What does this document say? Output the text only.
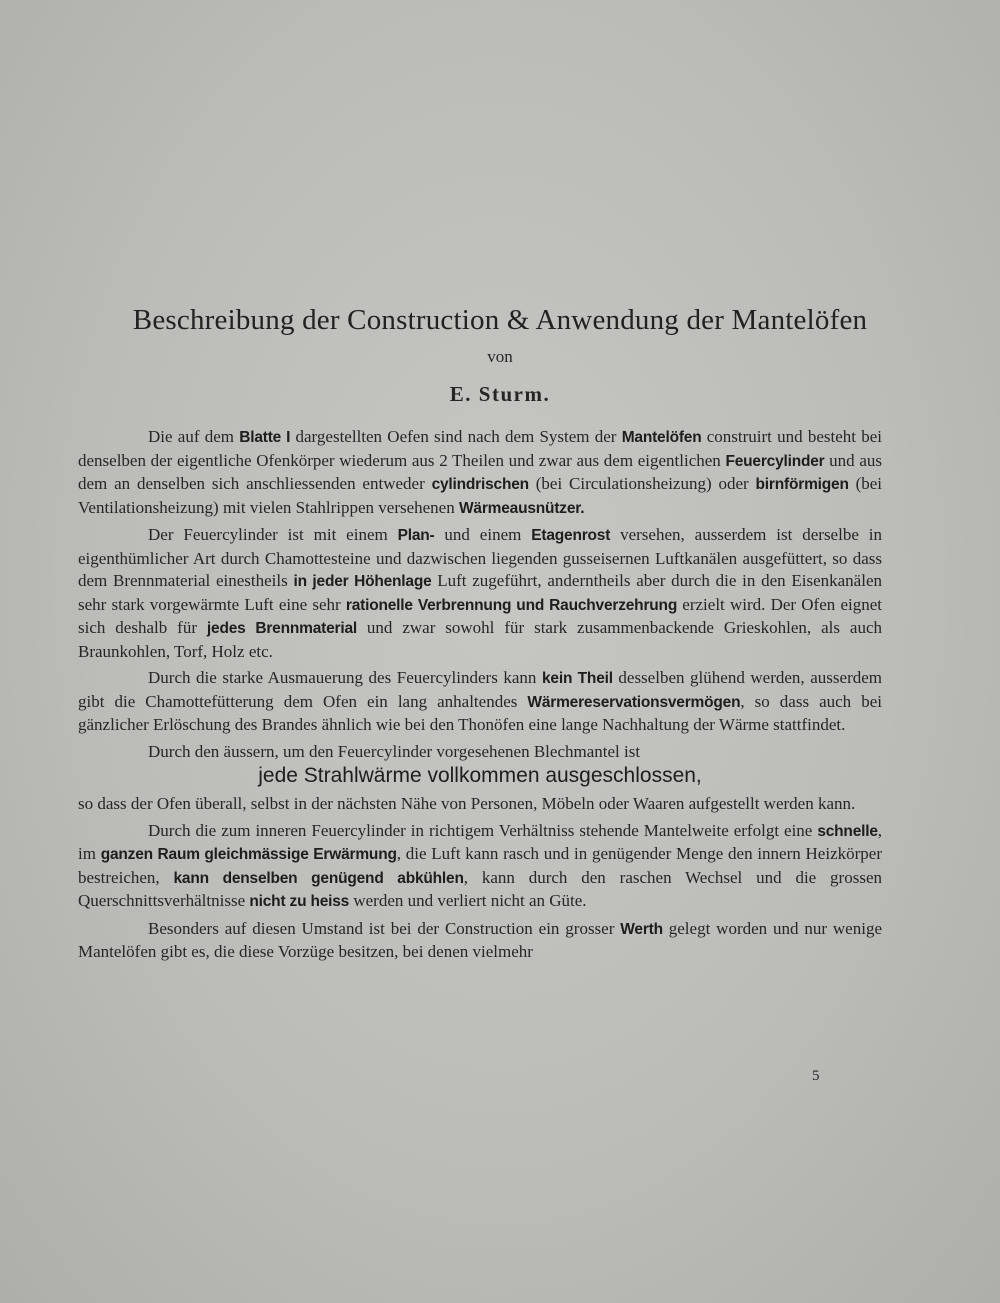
Beschreibung der Construction & Anwendung der Mantelöfen
von
E. Sturm.

Die auf dem Blatte I dargestellten Oefen sind nach dem System der Mantelöfen construirt und besteht bei denselben der eigentliche Ofenkörper wiederum aus 2 Theilen und zwar aus dem eigentlichen Feuercylinder und aus dem an denselben sich anschliessenden entweder cylindrischen (bei Circulationsheizung) oder birnförmigen (bei Ventilationsheizung) mit vielen Stahlrippen versehenen Wärmeausnützer.

Der Feuercylinder ist mit einem Plan- und einem Etagenrost versehen, ausserdem ist derselbe in eigenthümlicher Art durch Chamottesteine und dazwischen liegenden gusseisernen Luftkanälen ausgefüttert, so dass dem Brennmaterial einestheils in jeder Höhenlage Luft zugeführt, anderntheils aber durch die in den Eisenkanälen sehr stark vorgewärmte Luft eine sehr rationelle Verbrennung und Rauchverzehrung erzielt wird. Der Ofen eignet sich deshalb für jedes Brennmaterial und zwar sowohl für stark zusammenbackende Grieskohlen, als auch Braunkohlen, Torf, Holz etc.

Durch die starke Ausmauerung des Feuercylinders kann kein Theil desselben glühend werden, ausserdem gibt die Chamottefütterung dem Ofen ein lang anhaltendes Wärmereservationsvermögen, so dass auch bei gänzlicher Erlöschung des Brandes ähnlich wie bei den Thonöfen eine lange Nachhaltung der Wärme stattfindet.

Durch den äussern, um den Feuercylinder vorgesehenen Blechmantel ist

jede Strahlwärme vollkommen ausgeschlossen,

so dass der Ofen überall, selbst in der nächsten Nähe von Personen, Möbeln oder Waaren aufgestellt werden kann.

Durch die zum inneren Feuercylinder in richtigem Verhältniss stehende Mantelweite erfolgt eine schnelle, im ganzen Raum gleichmässige Erwärmung, die Luft kann rasch und in genügender Menge den innern Heizkörper bestreichen, kann denselben genügend abkühlen, kann durch den raschen Wechsel und die grossen Querschnittsverhältnisse nicht zu heiss werden und verliert nicht an Güte.

Besonders auf diesen Umstand ist bei der Construction ein grosser Werth gelegt worden und nur wenige Mantelöfen gibt es, die diese Vorzüge besitzen, bei denen vielmehr

5
